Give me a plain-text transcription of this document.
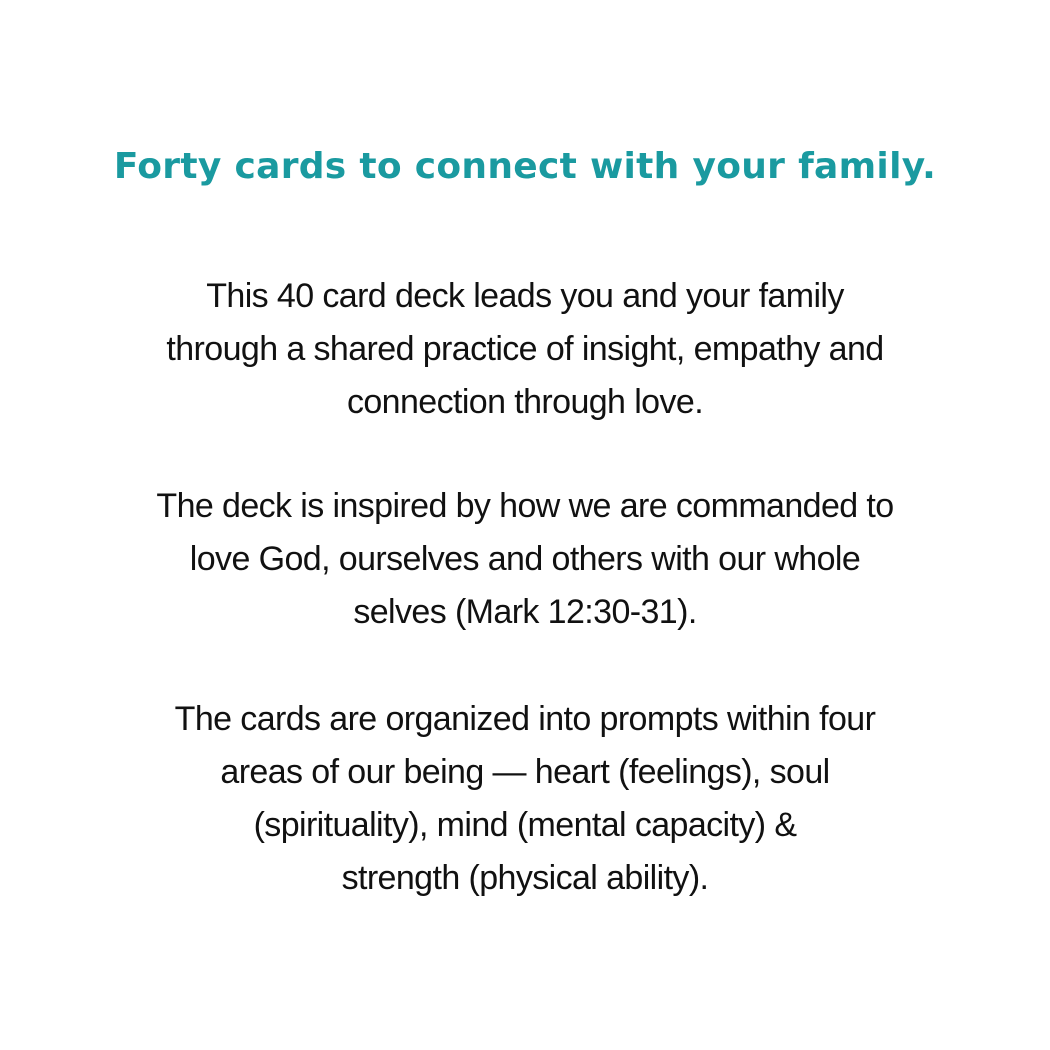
Forty cards to connect with your family.

This 40 card deck leads you and your family
through a shared practice of insight, empathy and
connection through love.

The deck is inspired by how we are commanded to
love God, ourselves and others with our whole
selves (Mark 12:30-31).

The cards are organized into prompts within four
areas of our being — heart (feelings), soul
(spirituality), mind (mental capacity) &
strength (physical ability).
